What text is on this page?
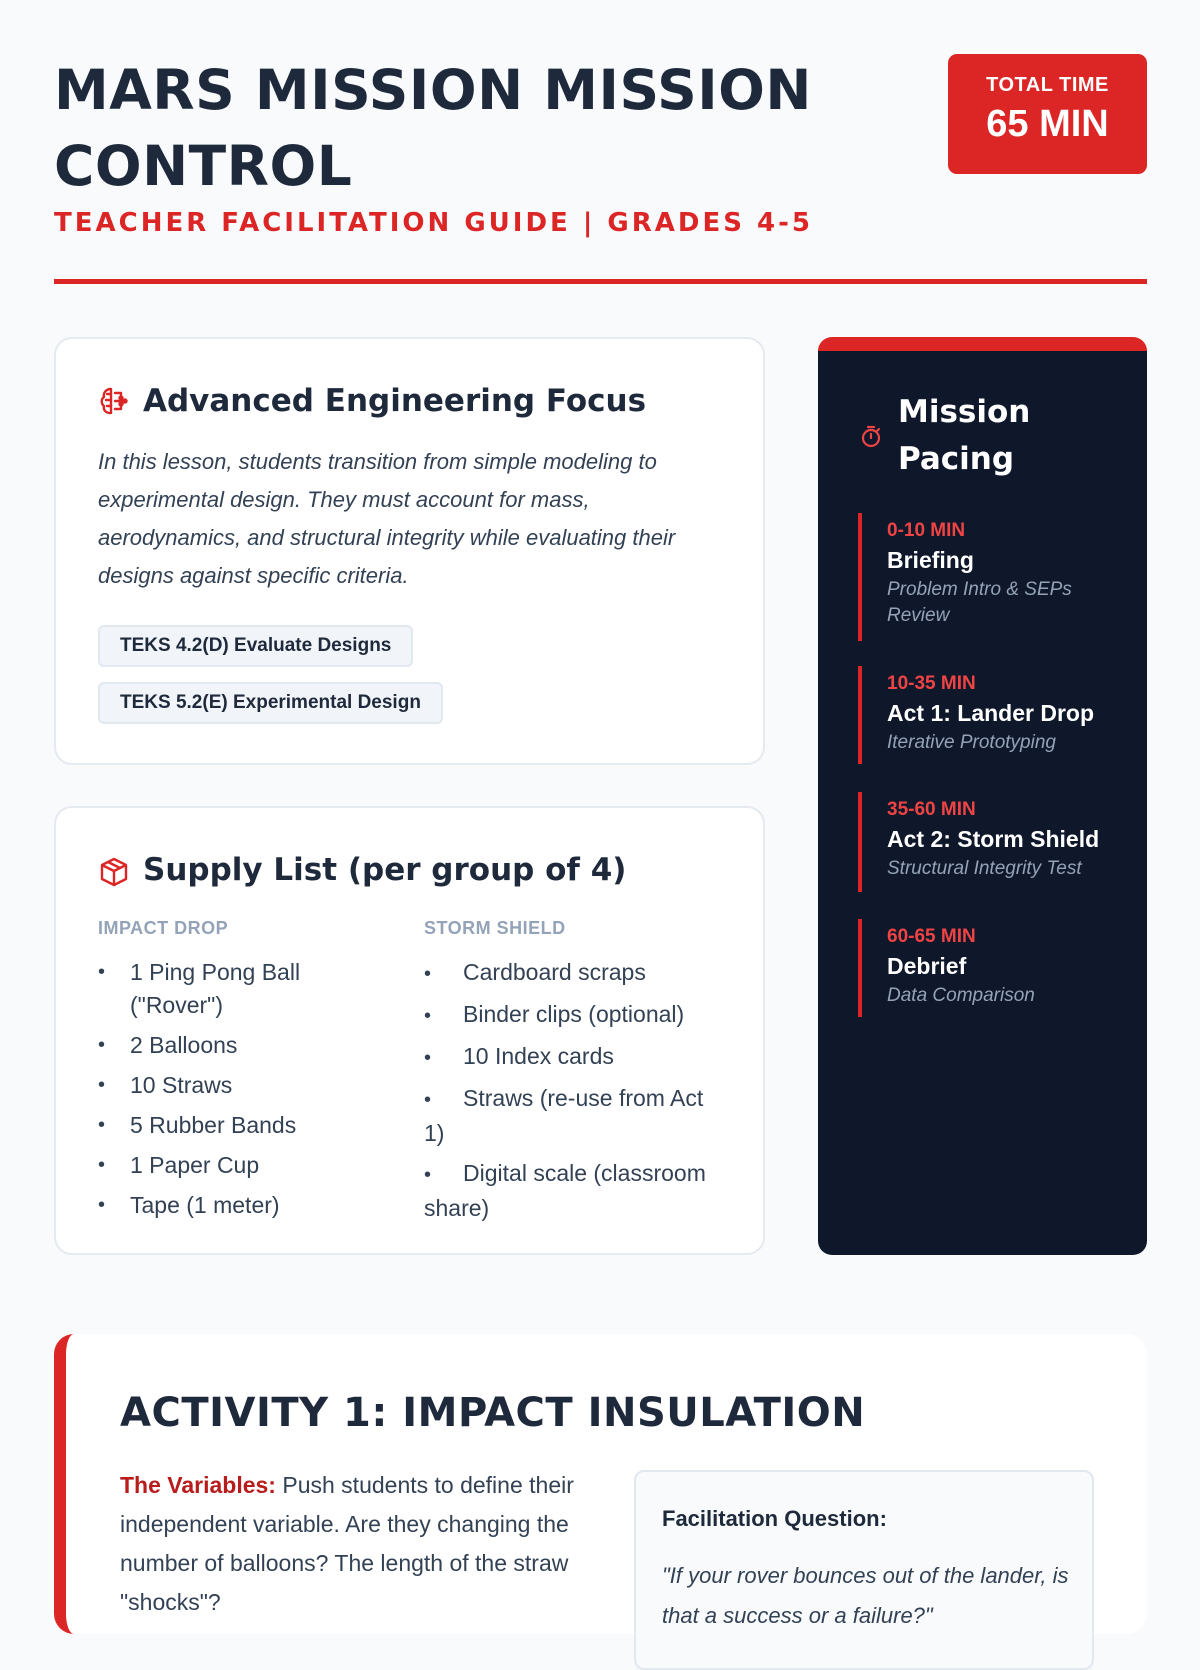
MARS MISSION MISSION CONTROL
TEACHER FACILITATION GUIDE | GRADES 4-5
TOTAL TIME
65 MIN
Advanced Engineering Focus

In this lesson, students transition from simple modeling to experimental design. They must account for mass, aerodynamics, and structural integrity while evaluating their designs against specific criteria.

TEKS 4.2(D) Evaluate Designs
TEKS 5.2(E) Experimental Design
Supply List (per group of 4)
IMPACT DROP
• 1 Ping Pong Ball ("Rover")
• 2 Balloons
• 10 Straws
• 5 Rubber Bands
• 1 Paper Cup
• Tape (1 meter)
STORM SHIELD
• Cardboard scraps
• Binder clips (optional)
• 10 Index cards
• Straws (re-use from Act 1)
• Digital scale (classroom share)
Mission Pacing
0-10 MIN
Briefing
Problem Intro & SEPs Review
10-35 MIN
Act 1: Lander Drop
Iterative Prototyping
35-60 MIN
Act 2: Storm Shield
Structural Integrity Test
60-65 MIN
Debrief
Data Comparison
ACTIVITY 1: IMPACT INSULATION

The Variables: Push students to define their independent variable. Are they changing the number of balloons? The length of the straw "shocks"?

Facilitation Question:

"If your rover bounces out of the lander, is that a success or a failure?"
